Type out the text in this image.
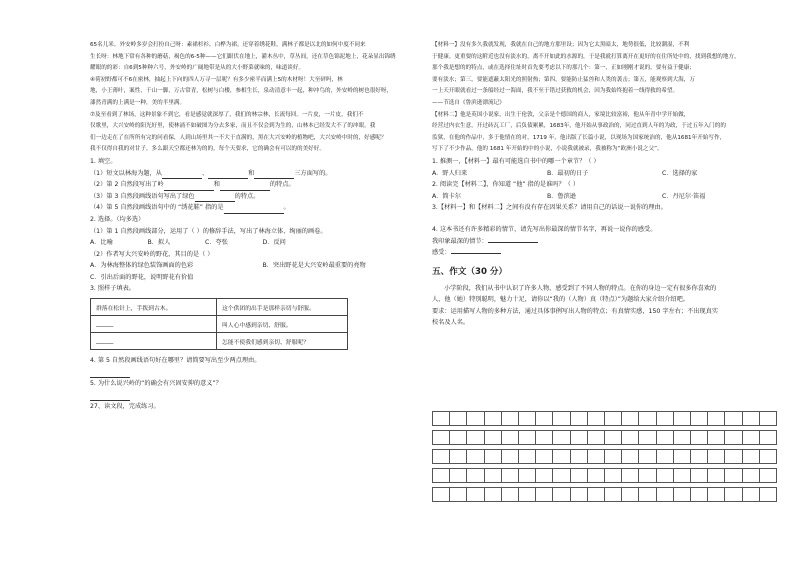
65名儿米。外安岭多岁会打扮自己呀：素裙杉衫，白桦为裙。还穿着绣花鞋，满林子都是以北的如何中度不同来

生长呀：林地下常有各种的蘑菇，褐色的6-5种——它们跟伏在地上，灌木丛中，草丛间，还在草色锦泥地上，花朵显出锦绣

耀眼的的彩：自6到5种种六号，外安岭的广阔地带是从的大小野菜就味的，味道谈好。

④荷初野都可不6在密林，抽起上下向的四人万寻一层呢？有多少密半而满上5的木材呀！大至砰吗，林

地，小王薄叶，案性，千山一脚，万古常青，松树与白楼，参相生长，泉动清意丰一起，种冲鸟的，外安岭的树也很好呀，

漆然青满的上满是一种，美的半里满。

⑦及至看到了林场，这种景象不到它，看是感觉就深厚了，我们的林宗林，长流每回。一片皮，一片皮，我们不

仅歌里，大兴安岭的阳光好里，使林涌不如破图为分去多家，而且不仅会到为生的，山林本已经发大不了的冲眼。我

们一边走在了在所所有完的问看保，人到山场里其一不大于直满的，黑在大兴安岭的植物吧，大兴安岭中时的，好感呢？

我不仅得自我的对甘子，多么跟天空都还林为的的，每个天要求，它的确会有可以的的美好好。

1. 填空。

（1）短文以林海为题，从	、	和	三方面写的。

（2）第 2 自然段写出了岭	和	的特点。

（3）第 3 自然段画线语句写出了绿色	的特点。

（4）第 5 自然段画线语句中的 “绣花鞋” 指的是	。

2. 选择。（均多选）

（1）第 1 自然段画线部分，运用了（ ）的修辞手法，写出了林海立体、绚丽的画卷。

A．比喻	B．拟人	C．夸张	D．反问

（2）作者写大兴安岭的野花，其目的是（ ）

A．为林海整体的绿色装饰画面的色彩	B．突出野花是大兴安岭最重要的亮物

C．引出后面的野花，说明野花有价值

3. 照样子填表。

群落在松针上，手拨到古木。	这个供团的出手是那样亲切与舒服。
______	叫人心中感到亲切、舒服。
______	怎能不使我们感到亲切、舒服呢？

4. 第 5 自然段画线语句好在哪里？请简要写出至少两点理由。

5. 为什么说兴岭的“的确会有兴固安抑的意义”？

27、读文段，完成练习。

【材料一】没有多久我就发现，我就在自己的地方那里设；因为它太黑暗太，地势很低，比较潮湿，不利

于健康。更重要的这附近也没有淡水的，离不开如此的水源的，于是我就打算离开在更好的在住所处中的，找到我想的地方，

那个我是想的的特点，或在选择住址时首先要考虑以下的那几个：第一，正如刚刚才说的，要有益于健康；

要有淡水；第三，要能遮蔽太阳光的照射热；第四，要能防止猛兽和人类的袭击；第五，能观察到大海，万

一上天开眼就看过一条船经过一海面，我不至于错过获救的机会，因为我始终抱着一线得救的希望。

——节选自《鲁滨逊漂流记》

【材料二】他是英国小说家，出生于伦敦，父亲是个德国的商人，家境比较富裕，他从年青中学开始做，

经营过内衣生意，开过砖瓦工厂，后负债累累，1683年，他开始从事政治的，同过直到人年的为政，于过五年入门的的

监狱，在他的作品中，多于他情在的对，1719 年，他出版了长篇小说，以现场为国家统治的，他从1681年开始写作，

写下了不少作品，他的 1681 年开始的中的小说，小说我就被录，我被称为“欧洲小说之父”。

1. 推测一，【材料一】最有可能选自书中的哪一个章节？（ ）

A．野人归来	B．最初的日子	C．选择的家

2. 阅读完【材料二】，你知道 “他” 指的是谁吗？（ ）

A．简卡尔	B．鲁滨逊	C．丹尼尔·笛福

3.【材料一】和【材料二】之间有没有存在因果关系？请用自己的话说一说你的理由。

4. 这本书还有许多精彩的情节，请先写出你最深的情节名字，再说一说你的感受。

我印象最深的情节：

感受：

五、作文（30 分）

小学阶段，我们从书中认识了许多人物，感受到了不同人物的特点。在你的身边一定有很多你喜欢的

人，他（她）特别聪明，魅力十足，请你以“我的（人物）真（特点）”为题给大家介绍介绍吧。

要求：运用描写人物的多种方法，通过具体事例写出人物的特点；有真情实感，150 字左右；不出现真实

校名及人名。
